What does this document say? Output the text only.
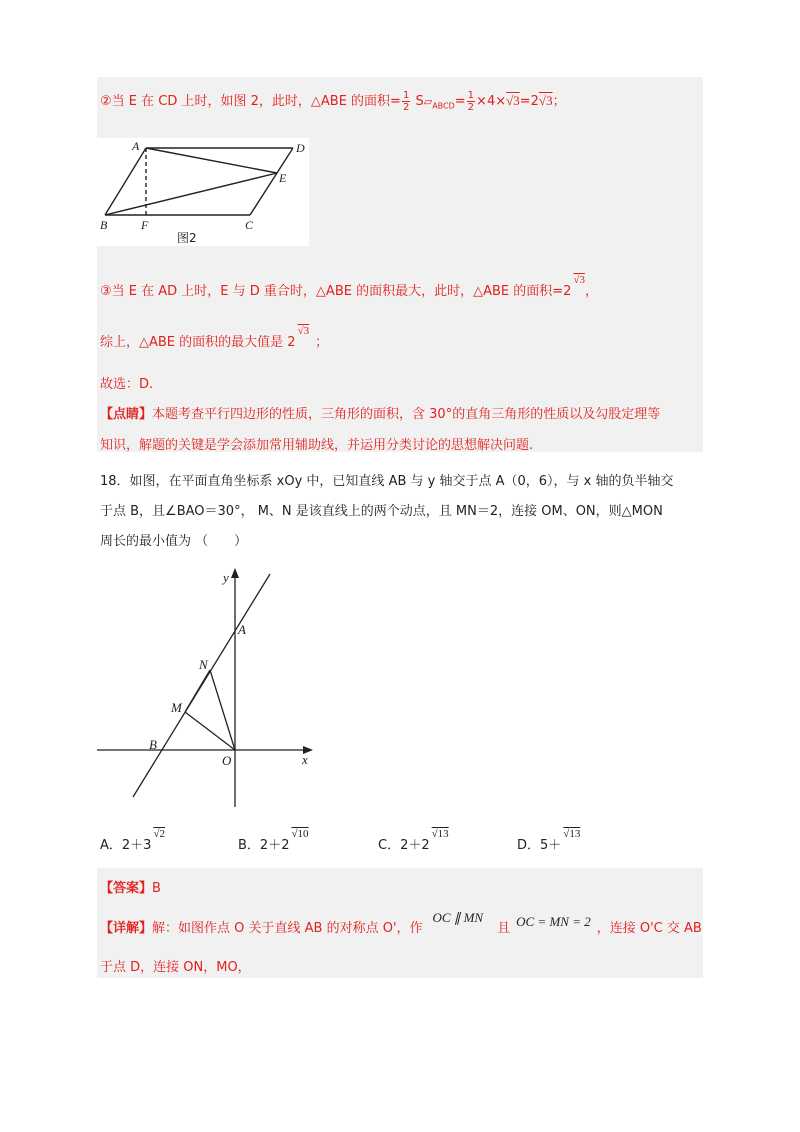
②当 E 在 CD 上时，如图 2，此时，△ABE 的面积= $\frac{1}{2}$ $S▱_{ABCD}= \frac{1}{2} \times 4\times√3=2√3$；
A	D
E
B	F	C
图2
③当 E 在 AD 上时，E 与 D 重合时，△ABE 的面积最大，此时，△ABE 的面积$=2^{√3}$，
综上，△ABE 的面积的最大值是 $2^{√3}$；
故选：D.
【点睛】本题考查平行四边形的性质，三角形的面积，含 30°的直角三角形的性质以及勾股定理等
知识，解题的关键是学会添加常用辅助线，并运用分类讨论的思想解决问题.
18．如图，在平面直角坐标系 xOy 中，已知直线 AB 与 y 轴交于点 A（0，6），与 x 轴的负半轴交
于点 B，且∠BAO＝30°， M、N 是该直线上的两个动点，且 MN＝2，连接 OM、ON，则△MON
周长的最小值为 （　　）
y
A
N
M
B
O	x
A．$2+3^{√2}$
B．$2+2^{√10}$
C．$2+2^{√13}$
D．5＋$^{√13}$
【答案】B
【详解】解：如图作点 O 关于直线 AB 的对称点 O'，作OC ∥ MN且 OC = MN = 2 ，连接 O'C 交 AB
于点 D，连接 ON，MO，
